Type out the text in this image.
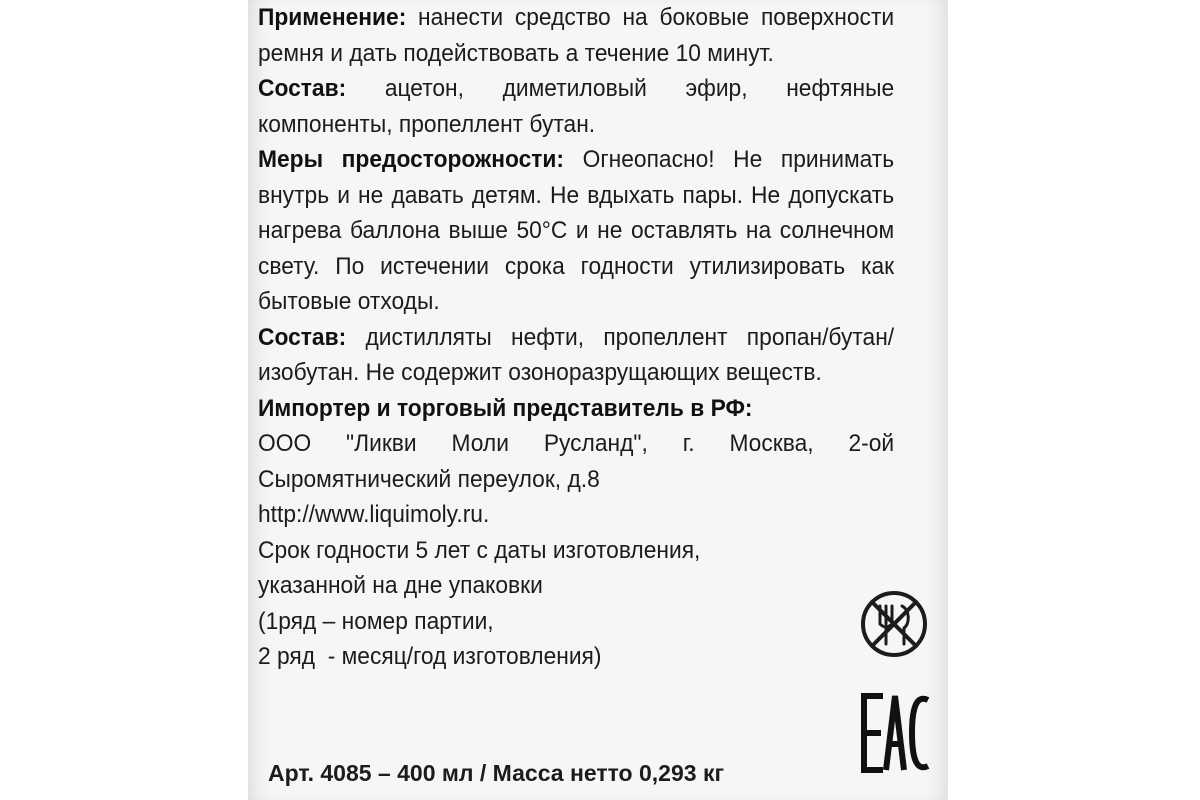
Применение: нанести средство на боковые поверхности ремня и дать подействовать а течение 10 минут.

Состав: ацетон, диметиловый эфир, нефтяные компоненты, пропеллент бутан.

Меры предосторожности: Огнеопасно! Не принимать внутрь и не давать детям. Не вдыхать пары. Не допускать нагрева баллона выше 50°С и не оставлять на солнечном свету. По истечении срока годности утилизировать как бытовые отходы.

Состав: дистилляты нефти, пропеллент пропан/бутан/изобутан. Не содержит озоноразрущающих веществ.

Импортер и торговый представитель в РФ:

ООО "Ликви Моли Русланд", г. Москва, 2-ой Сыромятнический переулок, д.8

http://www.liquimoly.ru.

Срок годности 5 лет с даты изготовления,

указанной на дне упаковки

(1ряд – номер партии,

2 ряд  - месяц/год изготовления)

Арт. 4085 – 400 мл / Масса нетто 0,293 кг
